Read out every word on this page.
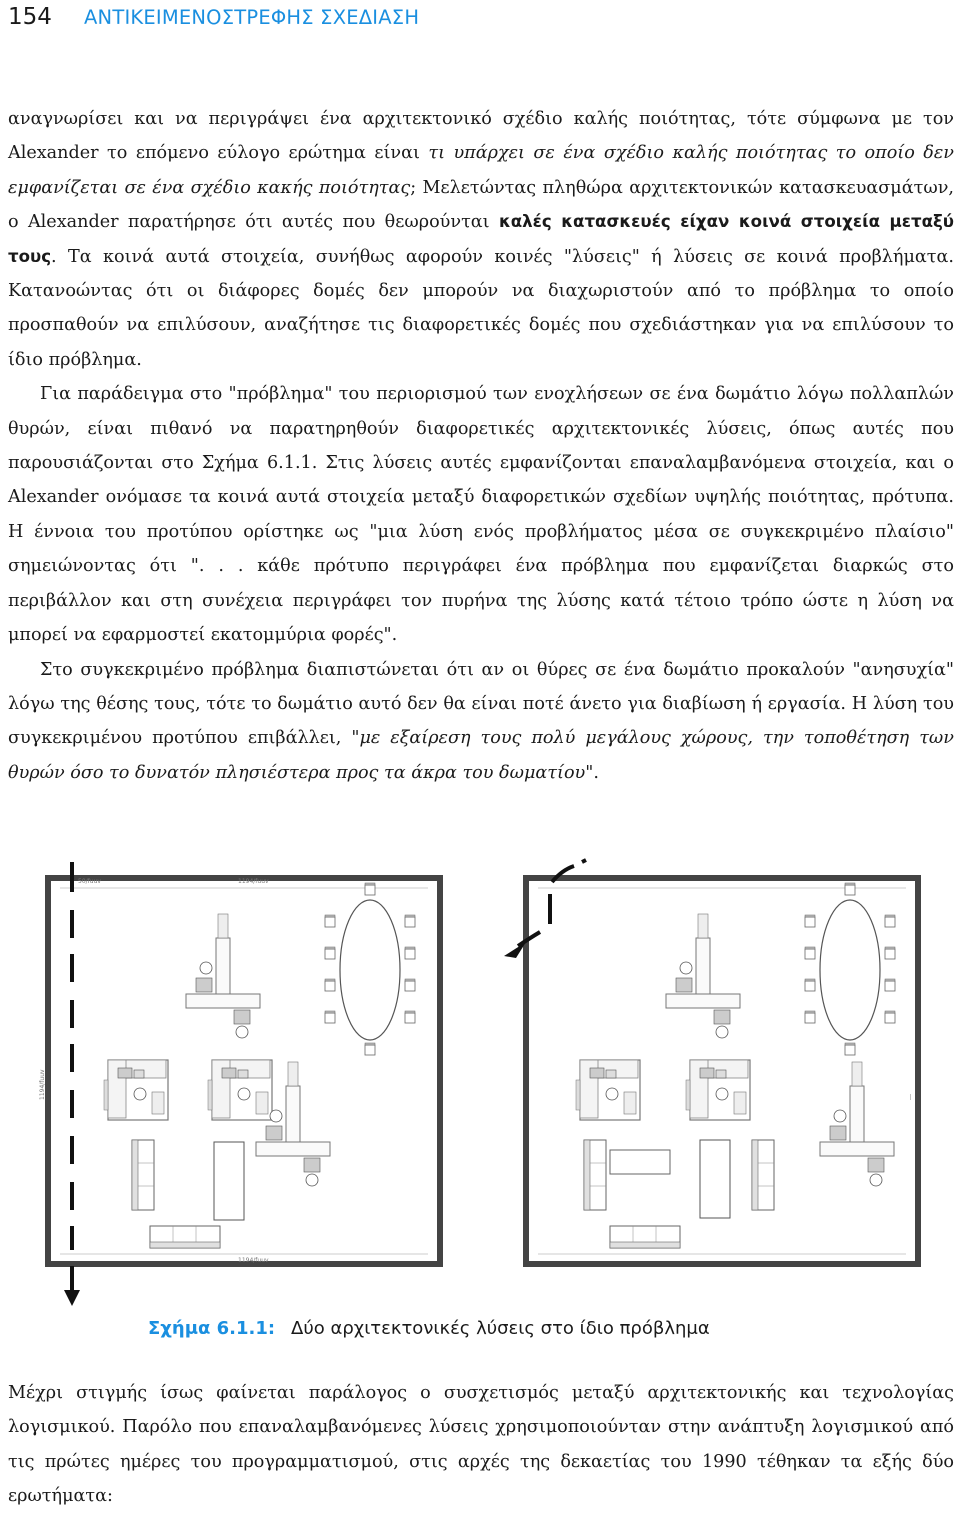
154 ΑΝΤΙΚΕΙΜΕΝΟΣΤΡΕΦΗΣ ΣΧΕΔΙΑΣΗ

αναγνωρίσει και να περιγράψει ένα αρχιτεκτονικό σχέδιο καλής ποιότητας, τότε σύμφωνα με τον Alexander το επόμενο εύλογο ερώτημα είναι τι υπάρχει σε ένα σχέδιο καλής ποιότητας το οποίο δεν εμφανίζεται σε ένα σχέδιο κακής ποιότητας; Μελετώντας πληθώρα αρχιτεκτονικών κατασκευασμάτων, ο Alexander παρατήρησε ότι αυτές που θεωρούνται καλές κατασκευές είχαν κοινά στοιχεία μεταξύ τους. Τα κοινά αυτά στοιχεία, συνήθως αφορούν κοινές "λύσεις" ή λύσεις σε κοινά προβλήματα. Κατανοώντας ότι οι διάφορες δομές δεν μπορούν να διαχωριστούν από το πρόβλημα το οποίο προσπαθούν να επιλύσουν, αναζήτησε τις διαφορετικές δομές που σχεδιάστηκαν για να επιλύσουν το ίδιο πρόβλημα.

Για παράδειγμα στο "πρόβλημα" του περιορισμού των ενοχλήσεων σε ένα δωμάτιο λόγω πολλαπλών θυρών, είναι πιθανό να παρατηρηθούν διαφορετικές αρχιτεκτονικές λύσεις, όπως αυτές που παρουσιάζονται στο Σχήμα 6.1.1. Στις λύσεις αυτές εμφανίζονται επαναλαμβανόμενα στοιχεία, και ο Alexander ονόμασε τα κοινά αυτά στοιχεία μεταξύ διαφορετικών σχεδίων υψηλής ποιότητας, πρότυπα. Η έννοια του προτύπου ορίστηκε ως "μια λύση ενός προβλήματος μέσα σε συγκεκριμένο πλαίσιο" σημειώνοντας ότι ". . . κάθε πρότυπο περιγράφει ένα πρόβλημα που εμφανίζεται διαρκώς στο περιβάλλον και στη συνέχεια περιγράφει τον πυρήνα της λύσης κατά τέτοιο τρόπο ώστε η λύση να μπορεί να εφαρμοστεί εκατομμύρια φορές".

Στο συγκεκριμένο πρόβλημα διαπιστώνεται ότι αν οι θύρες σε ένα δωμάτιο προκαλούν "ανησυχία" λόγω της θέσης τους, τότε το δωμάτιο αυτό δεν θα είναι ποτέ άνετο για διαβίωση ή εργασία. Η λύση του συγκεκριμένου προτύπου επιβάλλει, "με εξαίρεση τους πολύ μεγάλους χώρους, την τοποθέτηση των θυρών όσο το δυνατόν πλησιέστερα προς τα άκρα του δωματίου".

1194/fuuv
1194/fuuv
50/fuuv
1194/fuuv	―
Σχήμα 6.1.1: Δύο αρχιτεκτονικές λύσεις στο ίδιο πρόβλημα

Μέχρι στιγμής ίσως φαίνεται παράλογος ο συσχετισμός μεταξύ αρχιτεκτονικής και τεχνολογίας λογισμικού. Παρόλο που επαναλαμβανόμενες λύσεις χρησιμοποιούνταν στην ανάπτυξη λογισμικού από τις πρώτες ημέρες του προγραμματισμού, στις αρχές της δεκαετίας του 1990 τέθηκαν τα εξής δύο ερωτήματα:
